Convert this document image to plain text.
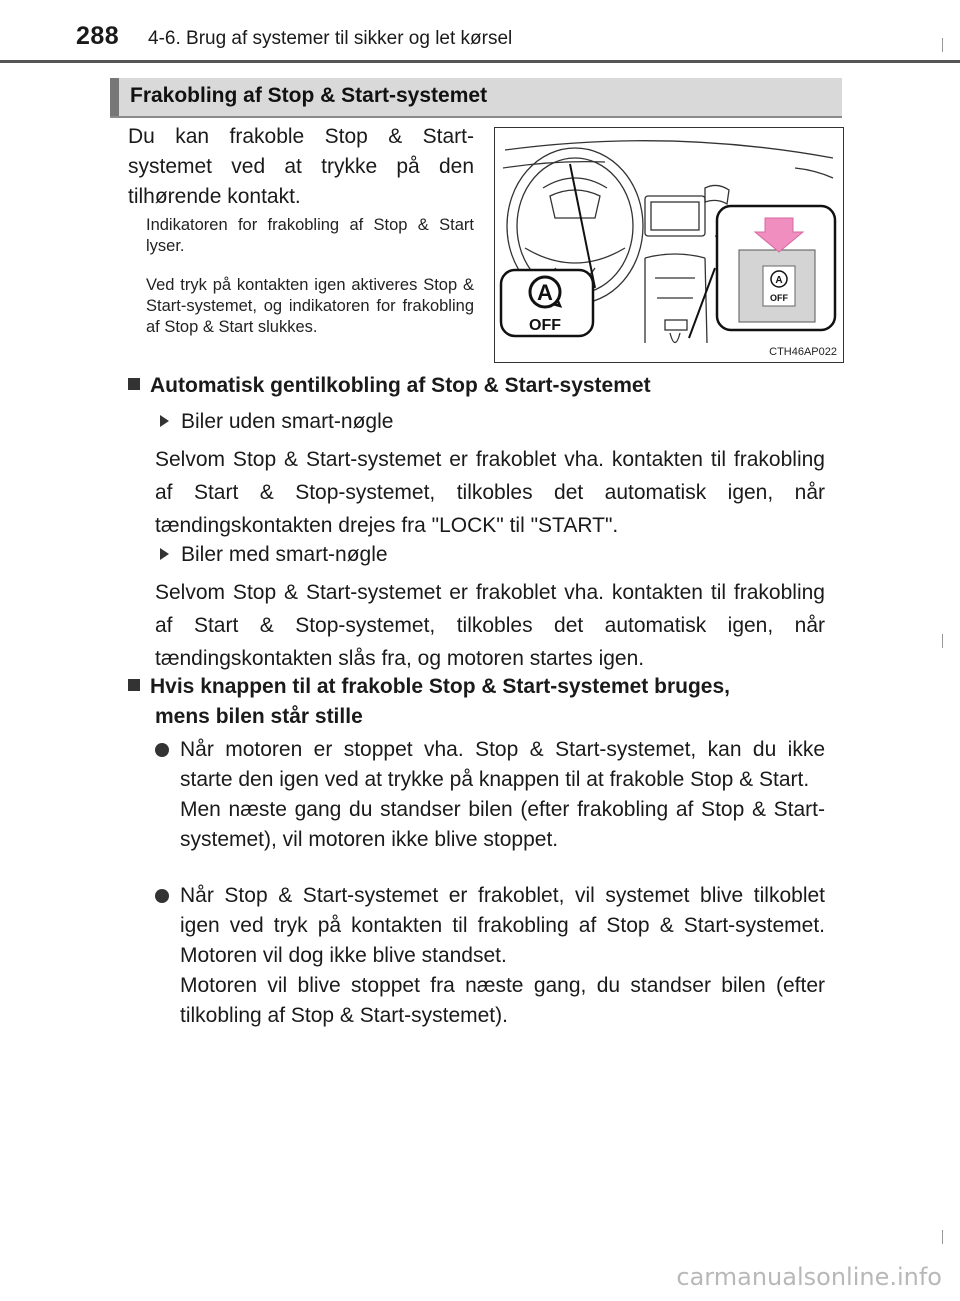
288 4-6. Brug af systemer til sikker og let kørsel
Frakobling af Stop & Start-systemet
Du kan frakoble Stop & Start-systemet ved at trykke på den tilhørende kontakt.
Indikatoren for frakobling af Stop & Start lyser.
Ved tryk på kontakten igen aktiveres Stop & Start-systemet, og indikatoren for frakobling af Stop & Start slukkes.
A
OFF
A
OFF
CTH46AP022
Automatisk gentilkobling af Stop & Start-systemet
Biler uden smart-nøgle
Selvom Stop & Start-systemet er frakoblet vha. kontakten til frakobling af Start & Stop-systemet, tilkobles det automatisk igen, når tændingskontakten drejes fra "LOCK" til "START".
Biler med smart-nøgle
Selvom Stop & Start-systemet er frakoblet vha. kontakten til frakobling af Start & Stop-systemet, tilkobles det automatisk igen, når tændingskontakten slås fra, og motoren startes igen.
Hvis knappen til at frakoble Stop & Start-systemet bruges,
mens bilen står stille
Når motoren er stoppet vha. Stop & Start-systemet, kan du ikke starte den igen ved at trykke på knappen til at frakoble Stop & Start.
Men næste gang du standser bilen (efter frakobling af Stop & Start-systemet), vil motoren ikke blive stoppet.
Når Stop & Start-systemet er frakoblet, vil systemet blive tilkoblet igen ved tryk på kontakten til frakobling af Stop & Start-systemet. Motoren vil dog ikke blive standset.
Motoren vil blive stoppet fra næste gang, du standser bilen (efter tilkobling af Stop & Start-systemet).
carmanualsonline.info
